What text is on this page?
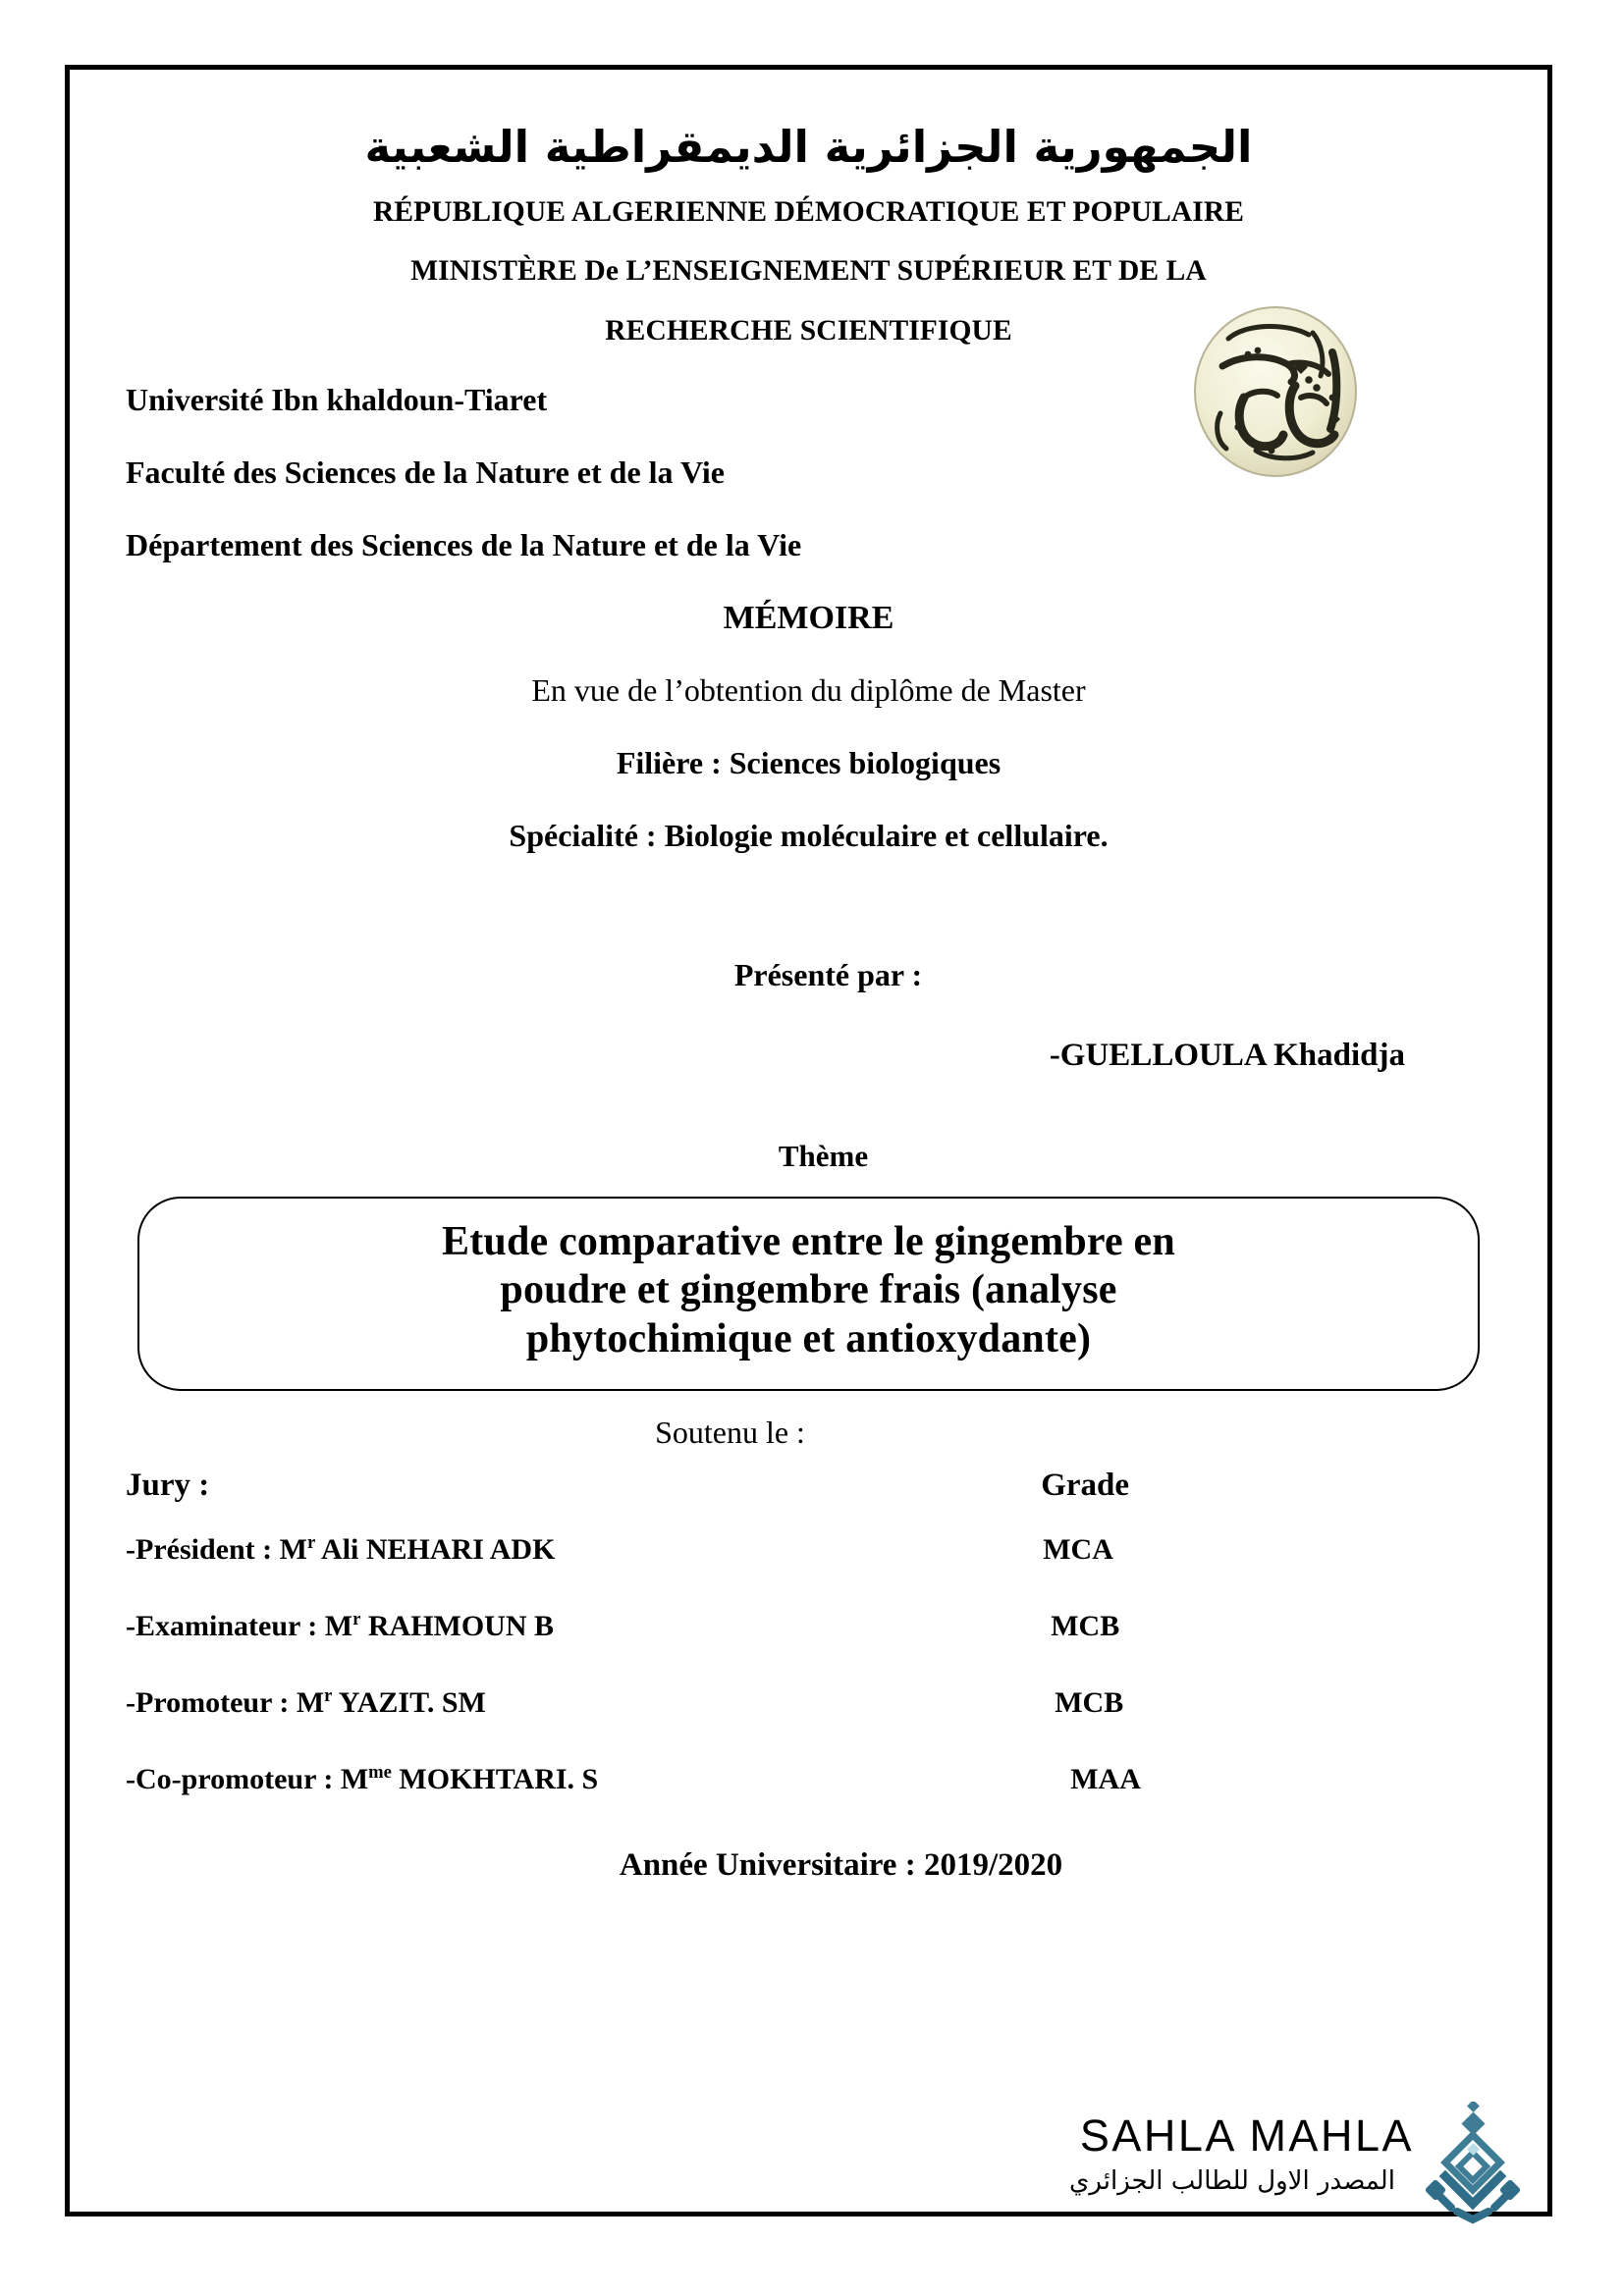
الجمهورية الجزائرية الديمقراطية الشعبية
RÉPUBLIQUE ALGERIENNE DÉMOCRATIQUE ET POPULAIRE
MINISTÈRE De L’ENSEIGNEMENT SUPÉRIEUR ET DE LA
RECHERCHE SCIENTIFIQUE
Université Ibn khaldoun-Tiaret
Faculté des Sciences de la Nature et de la Vie
Département des Sciences de la Nature et de la Vie
MÉMOIRE
En vue de l’obtention du diplôme de Master
Filière : Sciences biologiques
Spécialité : Biologie moléculaire et cellulaire.
Présenté par :
-GUELLOULA Khadidja
Thème
Etude comparative entre le gingembre en
poudre et gingembre frais (analyse
phytochimique et antioxydante)
Soutenu le :
Jury :	Grade
-Président : $M^r$ Ali NEHARI ADK	MCA
-Examinateur : $M^r$ RAHMOUN B	MCB
-Promoteur : $M^r$ YAZIT. SM	MCB
-Co-promoteur : $M^{me}$ MOKHTARI. S	MAA
Année Universitaire : 2019/2020
SAHLA MAHLA
المصدر الاول للطالب الجزائري
